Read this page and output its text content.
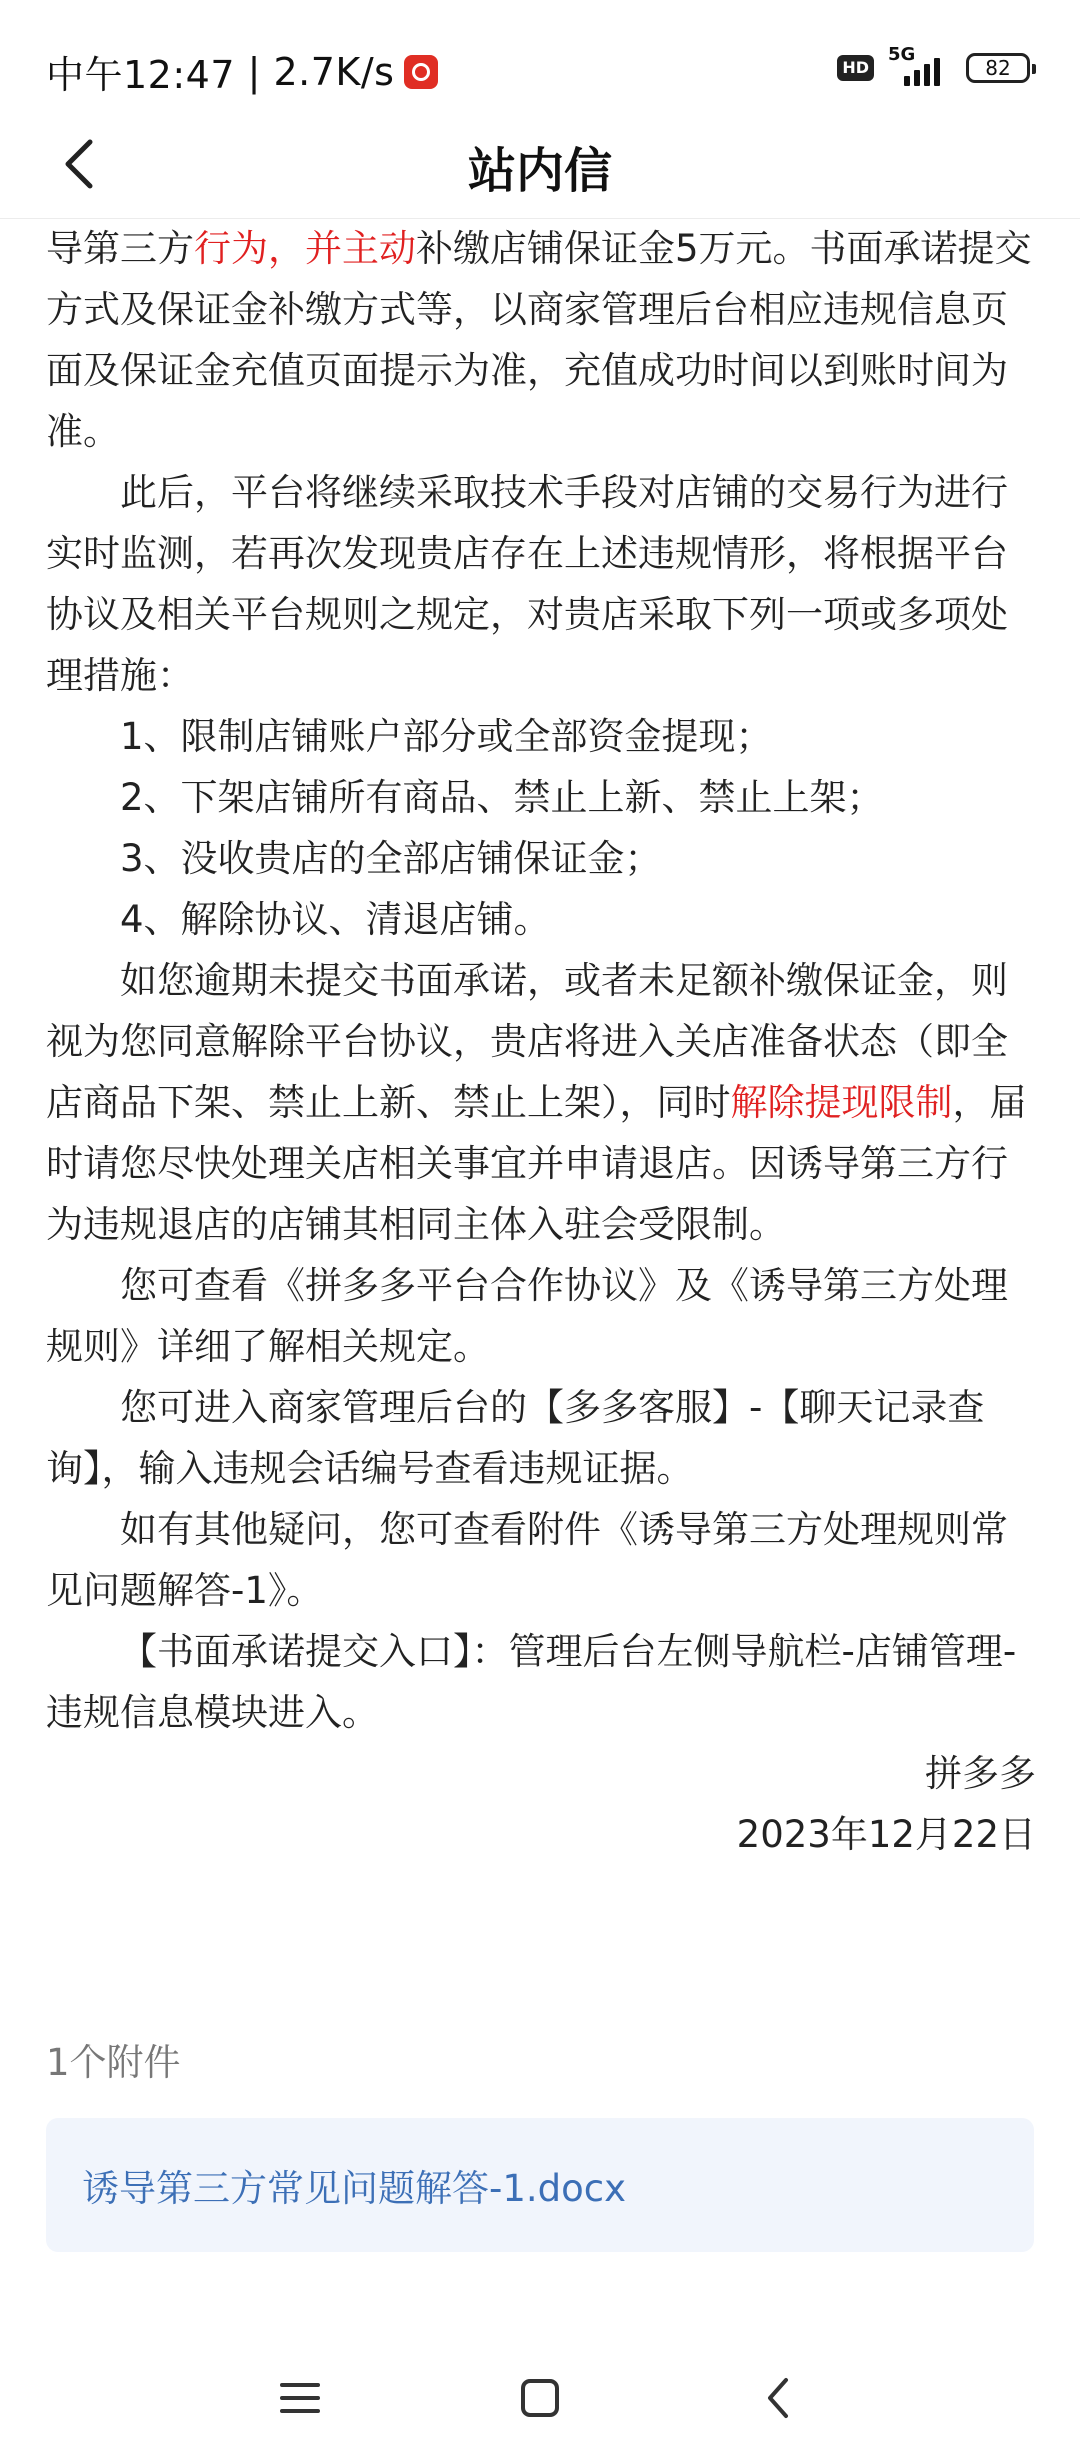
中午12:47 | 2.7K/s	HD
5G
82
站内信

导第三方行为，并主动补缴店铺保证金5万元。书面承诺提交方式及保证金补缴方式等，以商家管理后台相应违规信息页面及保证金充值页面提示为准，充值成功时间以到账时间为准。

此后，平台将继续采取技术手段对店铺的交易行为进行实时监测，若再次发现贵店存在上述违规情形，将根据平台协议及相关平台规则之规定，对贵店采取下列一项或多项处理措施：

1、限制店铺账户部分或全部资金提现；

2、下架店铺所有商品、禁止上新、禁止上架；

3、没收贵店的全部店铺保证金；

4、解除协议、清退店铺。

如您逾期未提交书面承诺，或者未足额补缴保证金，则视为您同意解除平台协议，贵店将进入关店准备状态（即全店商品下架、禁止上新、禁止上架），同时解除提现限制，届时请您尽快处理关店相关事宜并申请退店。因诱导第三方行为违规退店的店铺其相同主体入驻会受限制。

您可查看《拼多多平台合作协议》及《诱导第三方处理规则》详细了解相关规定。

您可进入商家管理后台的【多多客服】-【聊天记录查询】，输入违规会话编号查看违规证据。

如有其他疑问，您可查看附件《诱导第三方处理规则常见问题解答-1》。

【书面承诺提交入口】：管理后台左侧导航栏-店铺管理-违规信息模块进入。

拼多多

2023年12月22日

1个附件
诱导第三方常见问题解答-1.docx
